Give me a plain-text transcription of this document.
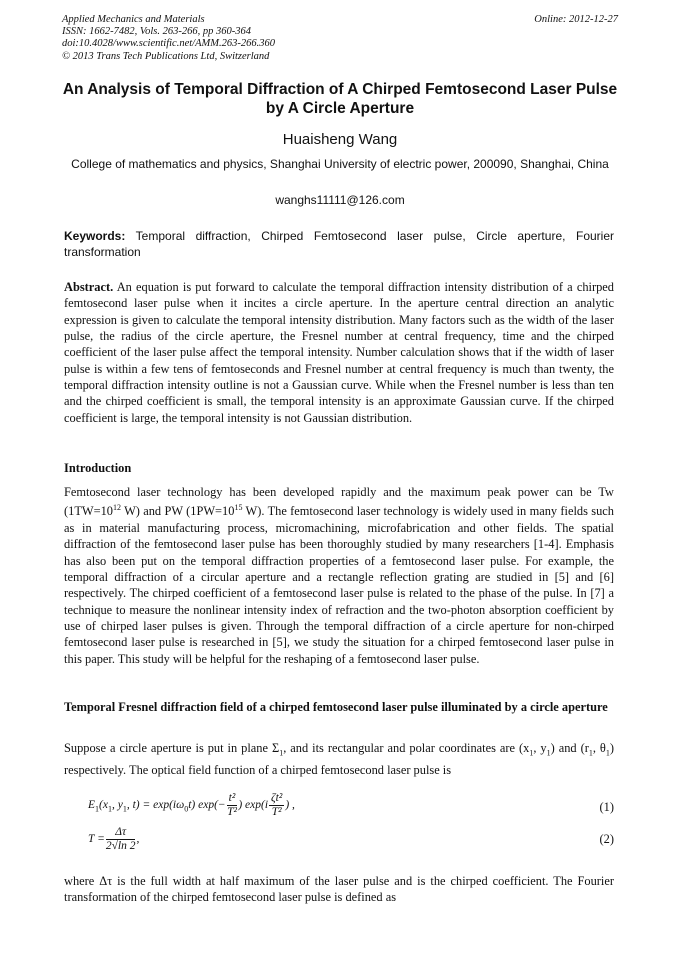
Applied Mechanics and Materials
ISSN: 1662-7482, Vols. 263-266, pp 360-364
doi:10.4028/www.scientific.net/AMM.263-266.360
© 2013 Trans Tech Publications Ltd, Switzerland
Online: 2012-12-27
An Analysis of Temporal Diffraction of A Chirped Femtosecond Laser Pulse by A Circle Aperture
Huaisheng Wang
College of mathematics and physics, Shanghai University of electric power, 200090, Shanghai, China
wanghs11111@126.com
Keywords: Temporal diffraction, Chirped Femtosecond laser pulse, Circle aperture, Fourier transformation
Abstract. An equation is put forward to calculate the temporal diffraction intensity distribution of a chirped femtosecond laser pulse when it incites a circle aperture. In the aperture central direction an analytic expression is given to calculate the temporal intensity distribution. Many factors such as the width of the laser pulse, the radius of the circle aperture, the Fresnel number at central frequency, time and the chirped coefficient of the laser pulse affect the temporal intensity. Number calculation shows that if the width of laser pulse is within a few tens of femtoseconds and Fresnel number at central frequency is much than twenty, the temporal diffraction intensity outline is not a Gaussian curve. While when the Fresnel number is less than ten and the chirped coefficient is small, the temporal intensity is an approximate Gaussian curve. If the chirped coefficient is large, the temporal intensity is not Gaussian distribution.
Introduction
Femtosecond laser technology has been developed rapidly and the maximum peak power can be Tw ($1TW=10^{12}$ W) and PW ($1PW=10^{15}$ W). The femtosecond laser technology is widely used in many fields such as in material manufacturing process, micromachining, microfabrication and other fields. The spatial diffraction of the femtosecond laser pulse has been thoroughly studied by many researchers [1-4]. Emphasis has also been put on the temporal diffraction properties of a femtosecond laser pulse. For example, the temporal diffraction of a circular aperture and a rectangle reflection grating are studied in [5] and [6] respectively. The chirped coefficient of a femtosecond laser pulse is related to the phase of the pulse. In [7] a technique to measure the nonlinear intensity index of refraction and the two-photon absorption coefficient by use of chirped laser pulses is given. Through the temporal diffraction of a circle aperture for non-chirped femtosecond laser pulse is researched in [5], we study the situation for a chirped femtosecond laser pulse in this paper. This study will be helpful for the reshaping of a femtosecond laser pulse.
Temporal Fresnel diffraction field of a chirped femtosecond laser pulse illuminated by a circle aperture
Suppose a circle aperture is put in plane $\Sigma_1$, and its rectangular and polar coordinates are ($x_1$, $y_1$) and ($r_1$, $\theta_1$) respectively. The optical field function of a chirped femtosecond laser pulse is
$E_1(x_1$, $y_1$, $t) = \exp(i\omega_0t)$ $\exp(- \frac{\text{t²}}{\text{T²}}$ ) $\exp(i \frac{\text{ζt²}}{\text{T²}}$ ) ,	(1)
$T = \frac{\Delta\tau}{2√\ln 2}$ ,	(2)
where Δτ is the full width at half maximum of the laser pulse and is the chirped coefficient. The Fourier transformation of the chirped femtosecond laser pulse is defined as
